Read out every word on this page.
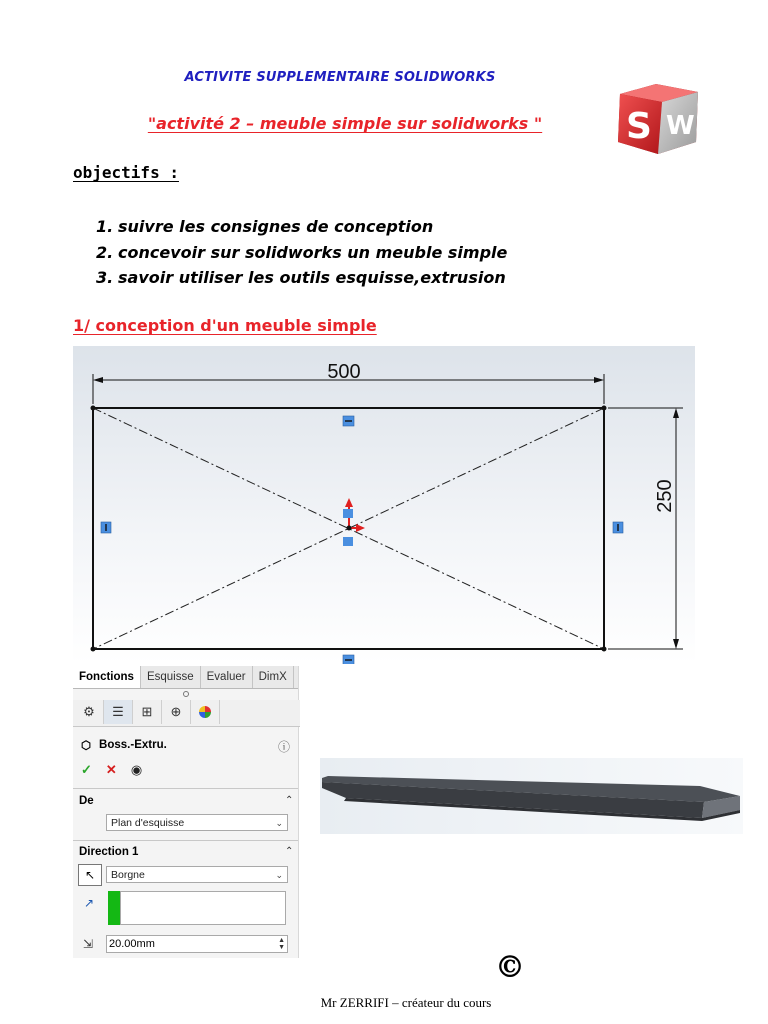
ACTIVITE SUPPLEMENTAIRE SOLIDWORKS
"activité 2 – meuble simple sur solidworks "	S W
objectifs :
1. suivre les consignes de conception
2. concevoir sur solidworks un meuble simple
3. savoir utiliser les outils esquisse,extrusion
1/ conception d'un meuble simple
500
250
Fonctions	Esquisse	Evaluer	DimX
⚙	☰	⊞	⊕
⬡ Boss.-Extru.	ⓘ
✓ ✕ ◉
De	⌃
Plan d'esquisse	⌄
Direction 1	⌃
↖	Borgne	⌄
↗
⇲ 20.00mm	▲
▼
©
Mr ZERRIFI – créateur du cours
